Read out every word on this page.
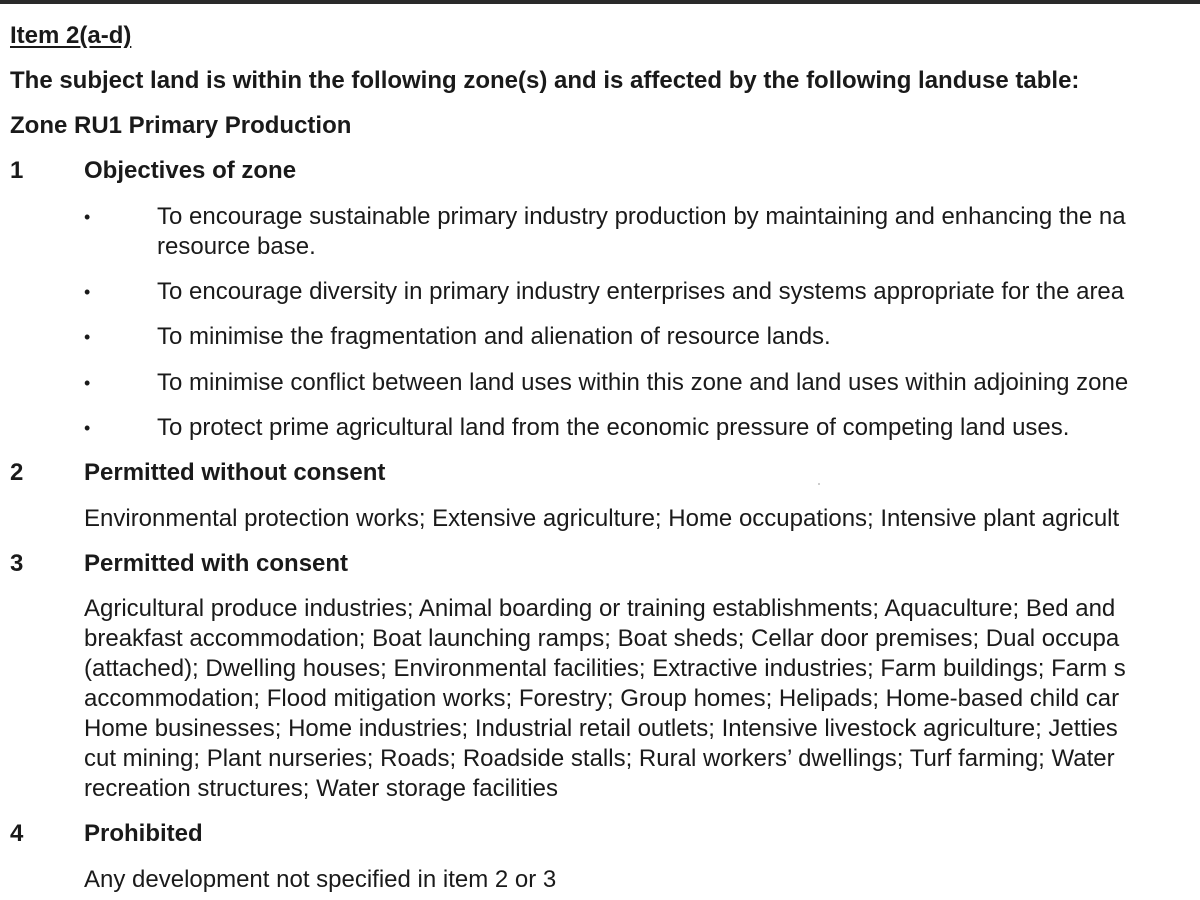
Item 2(a-d)
The subject land is within the following zone(s) and is affected by the following landuse table:
Zone RU1 Primary Production
1	Objectives of zone
•	To encourage sustainable primary industry production by maintaining and enhancing the na
resource base.
•	To encourage diversity in primary industry enterprises and systems appropriate for the area
•	To minimise the fragmentation and alienation of resource lands.
•	To minimise conflict between land uses within this zone and land uses within adjoining zone
•	To protect prime agricultural land from the economic pressure of competing land uses.
2	Permitted without consent
Environmental protection works; Extensive agriculture; Home occupations; Intensive plant agricult
3	Permitted with consent
Agricultural produce industries; Animal boarding or training establishments; Aquaculture; Bed and
breakfast accommodation; Boat launching ramps; Boat sheds; Cellar door premises; Dual occupa
(attached); Dwelling houses; Environmental facilities; Extractive industries; Farm buildings; Farm s
accommodation; Flood mitigation works; Forestry; Group homes; Helipads; Home-based child car
Home businesses; Home industries; Industrial retail outlets; Intensive livestock agriculture; Jetties
cut mining; Plant nurseries; Roads; Roadside stalls; Rural workers’ dwellings; Turf farming; Water
recreation structures; Water storage facilities
4	Prohibited
Any development not specified in item 2 or 3
